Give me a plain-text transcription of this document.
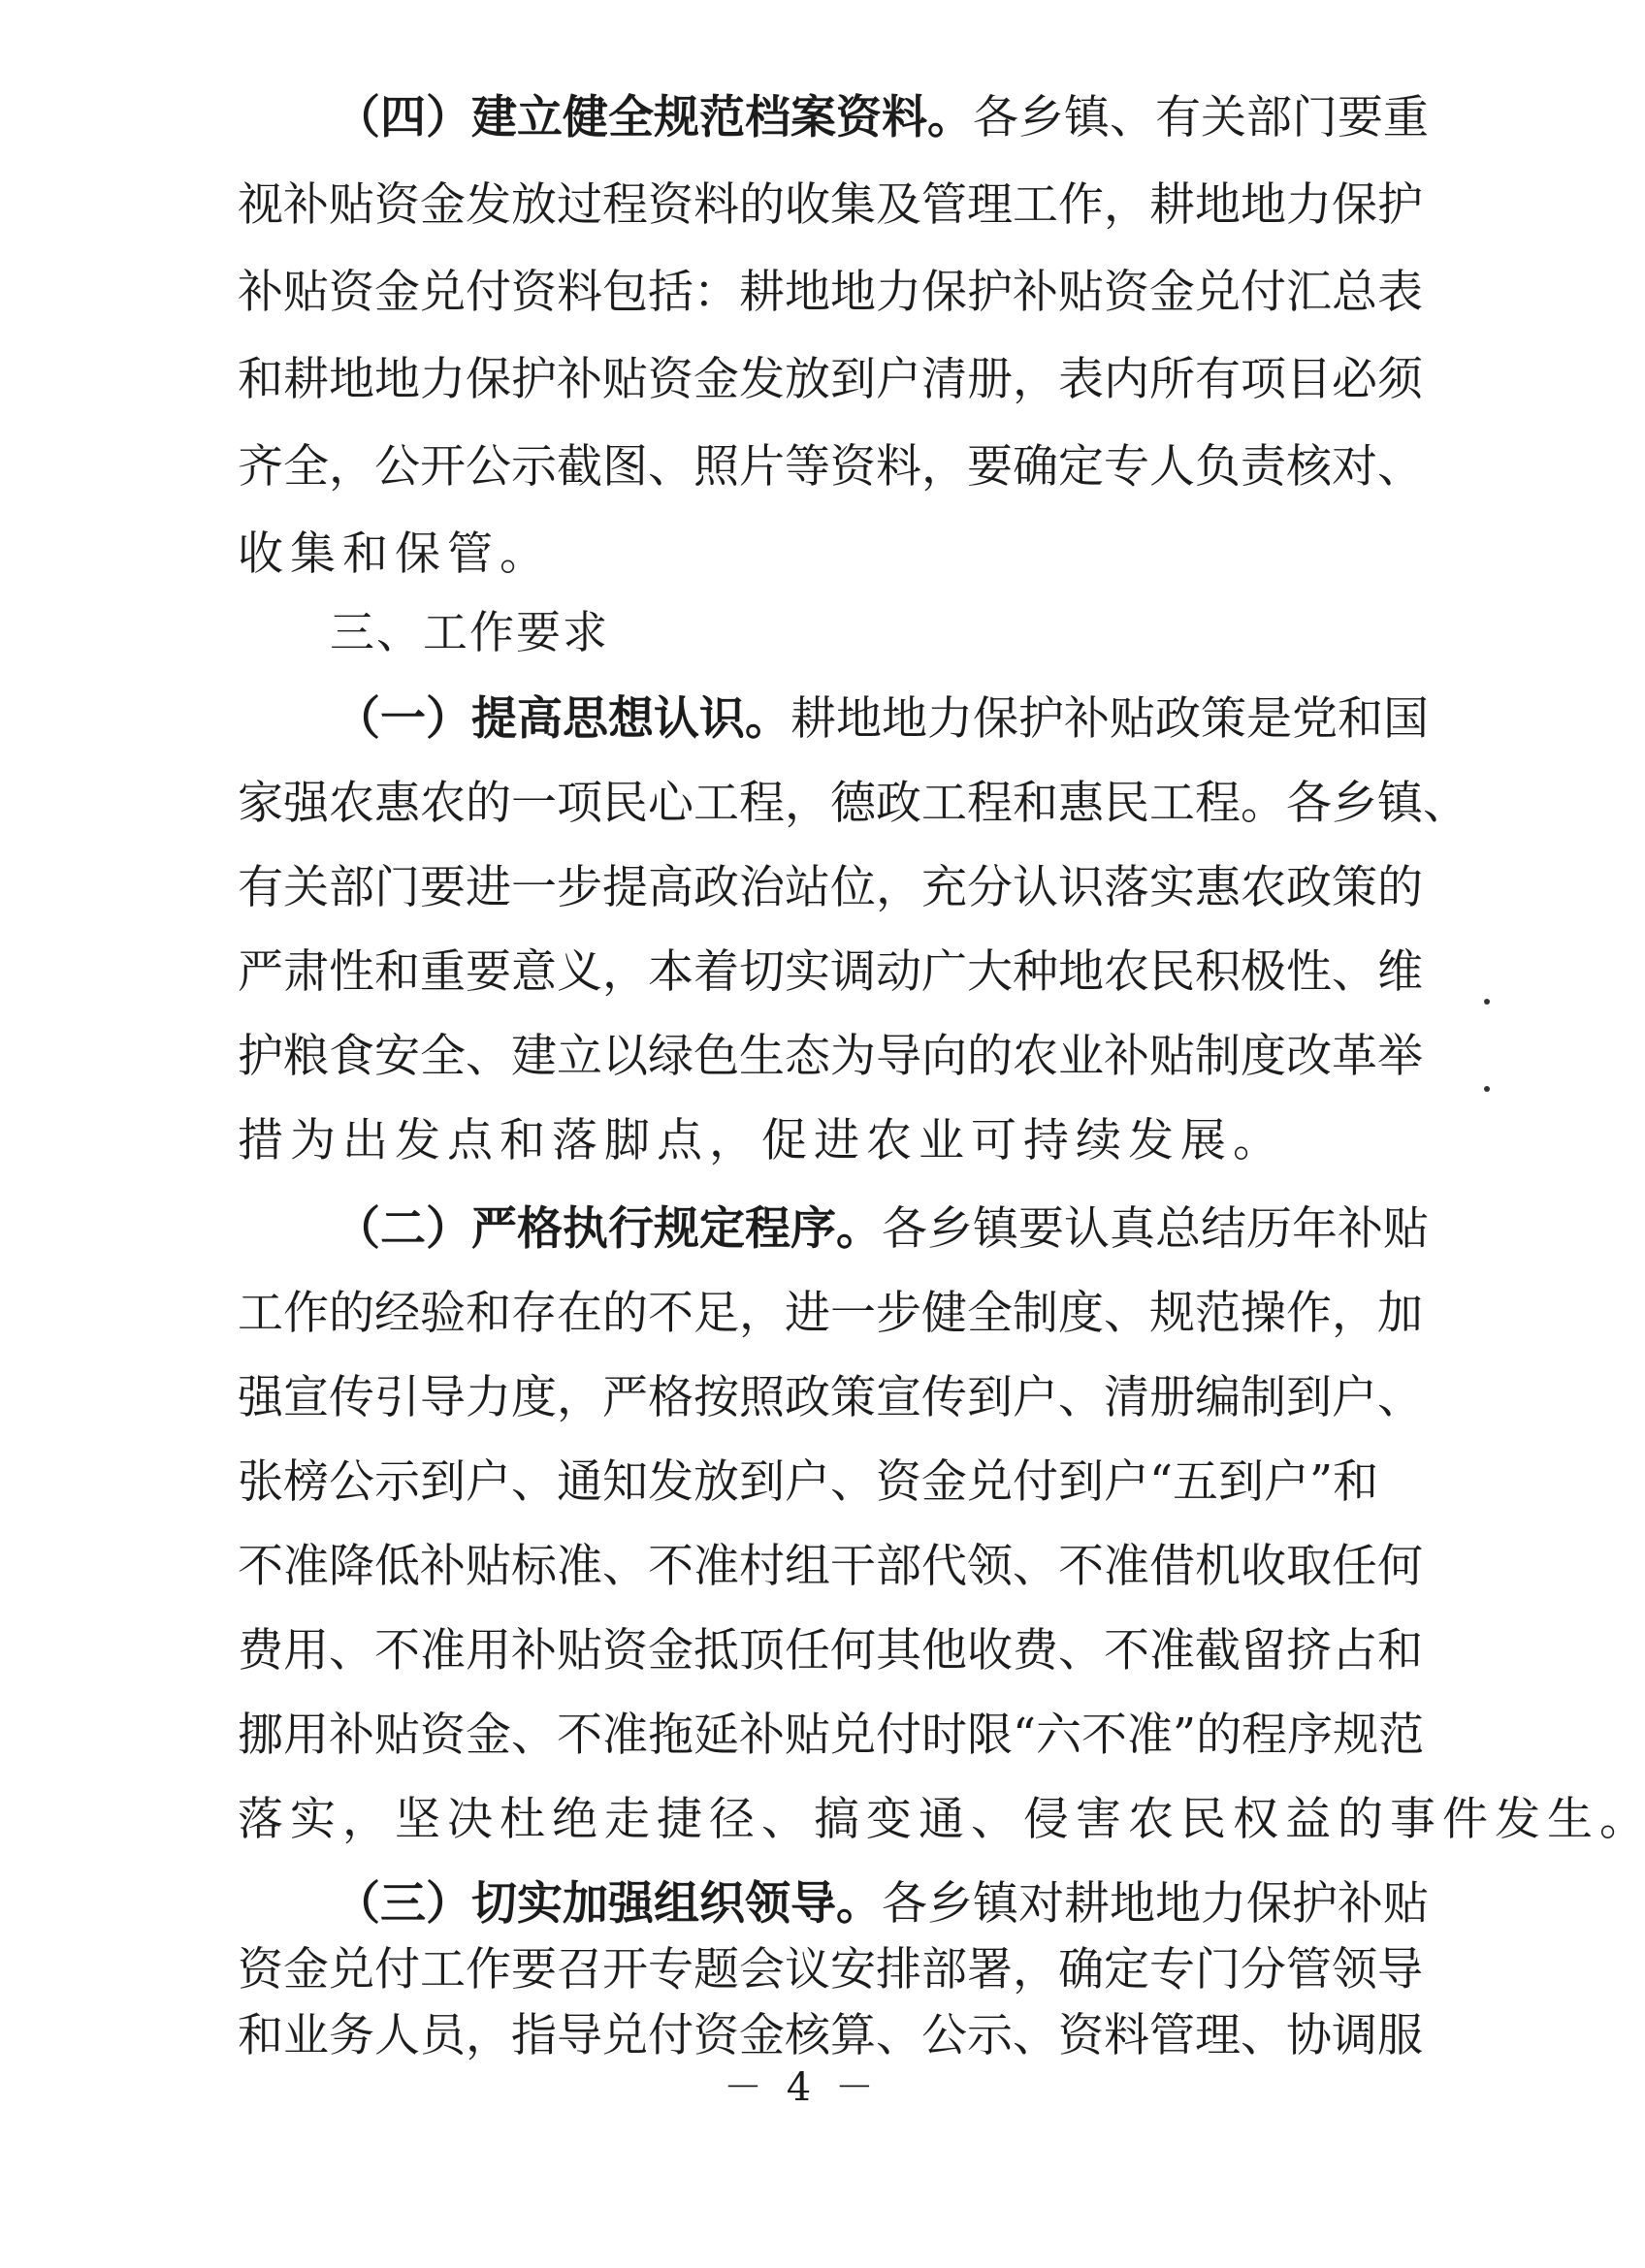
三、工作要求
－ 4 －
（四）建立健全规范档案资料。 各 乡 镇 、 有 关 部 门 要 重
视 补 贴 资 金 发 放 过 程 资 料 的 收 集 及 管 理 工 作 ， 耕 地 地 力 保 护
补 贴 资 金 兑 付 资 料 包 括 ： 耕 地 地 力 保 护 补 贴 资 金 兑 付 汇 总 表
和 耕 地 地 力 保 护 补 贴 资 金 发 放 到 户 清 册 ， 表 内 所 有 项 目 必 须
齐 全 ， 公 开 公 示 截 图 、 照 片 等 资 料 ， 要 确 定 专 人 负 责 核 对 、
收 集 和 保 管 。
（一）提高思想认识。 耕 地 地 力 保 护 补 贴 政 策 是 党 和 国
家 强 农 惠 农 的 一 项 民 心 工 程 ， 德 政 工 程 和 惠 民 工 程 。 各 乡 镇 、
有 关 部 门 要 进 一 步 提 高 政 治 站 位 ， 充 分 认 识 落 实 惠 农 政 策 的
严 肃 性 和 重 要 意 义 ， 本 着 切 实 调 动 广 大 种 地 农 民 积 极 性 、 维
护 粮 食 安 全 、 建 立 以 绿 色 生 态 为 导 向 的 农 业 补 贴 制 度 改 革 举
措 为 出 发 点 和 落 脚 点 ， 促 进 农 业 可 持 续 发 展 。
（二）严格执行规定程序。 各 乡 镇 要 认 真 总 结 历 年 补 贴
工 作 的 经 验 和 存 在 的 不 足 ， 进 一 步 健 全 制 度 、 规 范 操 作 ， 加
强 宣 传 引 导 力 度 ， 严 格 按 照 政 策 宣 传 到 户 、 清 册 编 制 到 户 、
张 榜 公 示 到 户 、 通 知 发 放 到 户 、 资 金 兑 付 到 户 “ 五 到 户 ” 和
不 准 降 低 补 贴 标 准 、 不 准 村 组 干 部 代 领 、 不 准 借 机 收 取 任 何
费 用 、 不 准 用 补 贴 资 金 抵 顶 任 何 其 他 收 费 、 不 准 截 留 挤 占 和
挪 用 补 贴 资 金 、 不 准 拖 延 补 贴 兑 付 时 限 “ 六 不 准 ” 的 程 序 规 范
落 实 ， 坚 决 杜 绝 走 捷 径 、 搞 变 通 、 侵 害 农 民 权 益 的 事 件 发 生 。
（三）切实加强组织领导。 各 乡 镇 对 耕 地 地 力 保 护 补 贴
资 金 兑 付 工 作 要 召 开 专 题 会 议 安 排 部 署 ， 确 定 专 门 分 管 领 导
和 业 务 人 员 ， 指 导 兑 付 资 金 核 算 、 公 示 、 资 料 管 理 、 协 调 服
